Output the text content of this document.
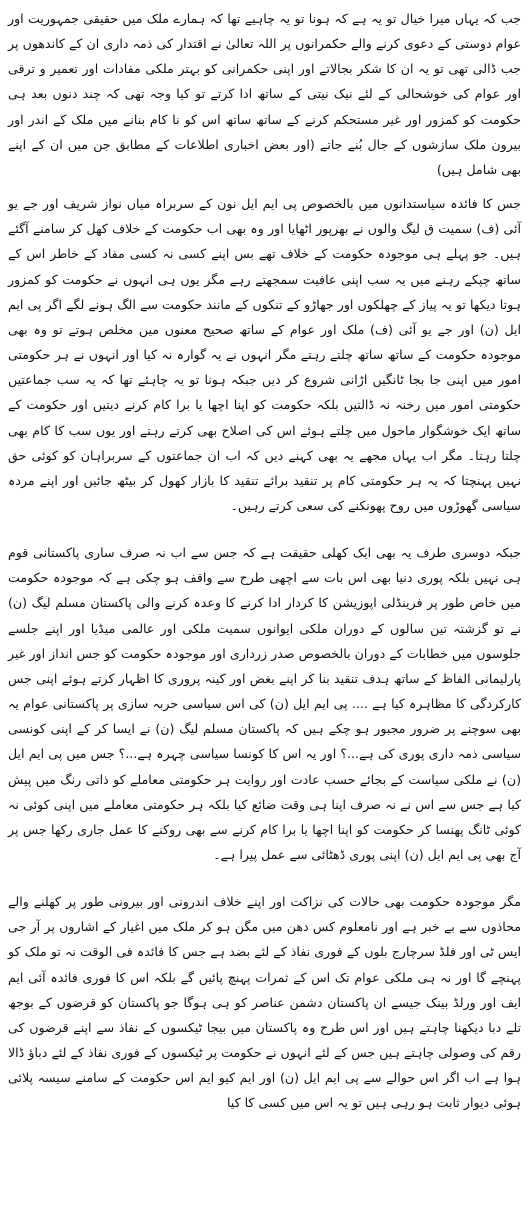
جب کہ یہاں میرا خیال تو یہ ہے کہ ہونا تو یہ چاہیے تھا کہ ہمارے ملک میں حقیقی جمہوریت اور عوام دوستی کے دعوی کرنے والے حکمرانوں پر اللہ تعالیٰ نے اقتدار کی ذمہ داری ان کے کاندھوں پر جب ڈالی تھی تو یہ ان کا شکر بجالاتے اور اپنی حکمرانی کو بہتر ملکی مفادات اور تعمیر و ترقی اور عوام کی خوشحالی کے لئے نیک نیتی کے ساتھ ادا کرتے تو کیا وجہ تھی کہ چند دنوں بعد ہی حکومت کو کمزور اور غیر مستحکم کرنے کے ساتھ ساتھ اس کو نا کام بنانے میں ملک کے اندر اور بیرون ملک سازشوں کے جال بُنے جاتے (اور بعض اخباری اطلاعات کے مطابق جن میں ان کے اپنے بھی شامل ہیں)

جس کا فائدہ سیاستدانوں میں بالخصوص پی ایم ایل نون کے سربراہ میاں نواز شریف اور جے یو آئی (ف) سمیت ق لیگ والوں نے بھرپور اٹھایا اور وہ بھی اب حکومت کے خلاف کھل کر سامنے آگئے ہیں۔ جو پہلے ہی موجودہ حکومت کے خلاف تھے بس اپنے کسی نہ کسی مفاد کے خاطر اس کے ساتھ چپکے رہنے میں یہ سب اپنی عافیت سمجھتے رہے مگر یوں ہی انہوں نے حکومت کو کمزور ہوتا دیکھا تو یہ پیاز کے چھلکوں اور جھاڑو کے تنکوں کے مانند حکومت سے الگ ہونے لگے اگر پی ایم ایل (ن) اور جے یو آئی (ف) ملک اور عوام کے ساتھ صحیح معنوں میں مخلص ہوتے تو وہ بھی موجودہ حکومت کے ساتھ ساتھ چلتے رہتے مگر انہوں نے یہ گوارہ نہ کیا اور انہوں نے ہر حکومتی امور میں اپنی جا بجا ٹانگیں اڑانی شروع کر دیں جبکہ ہونا تو یہ چاہئے تھا کہ یہ سب جماعتیں حکومتی امور میں رخنہ نہ ڈالتیں بلکہ حکومت کو اپنا اچھا یا برا کام کرنے دیتیں اور حکومت کے ساتھ ایک خوشگوار ماحول میں چلتے ہوئے اس کی اصلاح بھی کرتے رہتے اور یوں سب کا کام بھی چلتا رہتا۔ مگر اب یہاں مجھے یہ بھی کہنے دیں کہ اب ان جماعتوں کے سربراہان کو کوئی حق نہیں پہنچتا کہ یہ ہر حکومتی کام پر تنقید برائے تنقید کا بازار کھول کر بیٹھ جائیں اور اپنے مردہ سیاسی گھوڑوں میں روح پھونکنے کی سعی کرتے رہیں۔

جبکہ دوسری طرف یہ بھی ایک کھلی حقیقت ہے کہ جس سے اب نہ صرف ساری پاکستانی قوم ہی نہیں بلکہ پوری دنیا بھی اس بات سے اچھی طرح سے واقف ہو چکی ہے کہ موجودہ حکومت میں خاص طور پر فرینڈلی اپوزیشن کا کردار ادا کرنے کا وعدہ کرنے والی پاکستان مسلم لیگ (ن) نے تو گزشتہ تین سالوں کے دوران ملکی ایوانوں سمیت ملکی اور عالمی میڈیا اور اپنے جلسے جلوسوں میں خطابات کے دوران بالخصوص صدر زرداری اور موجودہ حکومت کو جس انداز اور غیر پارلیمانی الفاظ کے ساتھ ہدف تنقید بنا کر اپنے بغض اور کینہ پروری کا اظہار کرتے ہوئے اپنی جس کارکردگی کا مظاہرہ کیا ہے .... پی ایم ایل (ن) کی اس سیاسی حربہ سازی پر پاکستانی عوام یہ بھی سوچنے پر ضرور مجبور ہو چکے ہیں کہ پاکستان مسلم لیگ (ن) نے ایسا کر کے اپنی کونسی سیاسی ذمہ داری پوری کی ہے...؟ اور یہ اس کا کونسا سیاسی چہرہ ہے...؟ جس میں پی ایم ایل (ن) نے ملکی سیاست کے بجائے حسب عادت اور روایت ہر حکومتی معاملے کو ذاتی رنگ میں پیش کیا ہے جس سے اس نے نہ صرف اپنا ہی وقت ضائع کیا بلکہ ہر حکومتی معاملے میں اپنی کوئی نہ کوئی ٹانگ پھنسا کر حکومت کو اپنا اچھا یا برا کام کرنے سے بھی روکنے کا عمل جاری رکھا جس پر آج بھی پی ایم ایل (ن) اپنی پوری ڈھٹائی سے عمل پیرا ہے۔

مگر موجودہ حکومت بھی حالات کی نزاکت اور اپنے خلاف اندرونی اور بیرونی طور پر کھلنے والے محاذوں سے بے خبر ہے اور نامعلوم کس دھن میں مگن ہو کر ملک میں اغیار کے اشاروں پر آر جی ایس ٹی اور فلڈ سرچارج بلوں کے فوری نفاذ کے لئے بضد ہے جس کا فائدہ فی الوقت نہ تو ملک کو پہنچے گا اور نہ ہی ملکی عوام تک اس کے ثمرات پہنچ پائیں گے بلکہ اس کا فوری فائدہ آئی ایم ایف اور ورلڈ بینک جیسے ان پاکستان دشمن عناصر کو ہی ہوگا جو پاکستان کو قرضوں کے بوجھ تلے دبا دیکھنا چاہتے ہیں اور اس طرح وہ پاکستان میں بیجا ٹیکسوں کے نفاذ سے اپنے قرضوں کی رقم کی وصولی چاہتے ہیں جس کے لئے انہوں نے حکومت پر ٹیکسوں کے فوری نفاذ کے لئے دباؤ ڈالا ہوا ہے اب اگر اس حوالے سے پی ایم ایل (ن) اور ایم کیو ایم اس حکومت کے سامنے سیسہ پلائی ہوئی دیوار ثابت ہو رہی ہیں تو یہ اس میں کسی کا کیا
